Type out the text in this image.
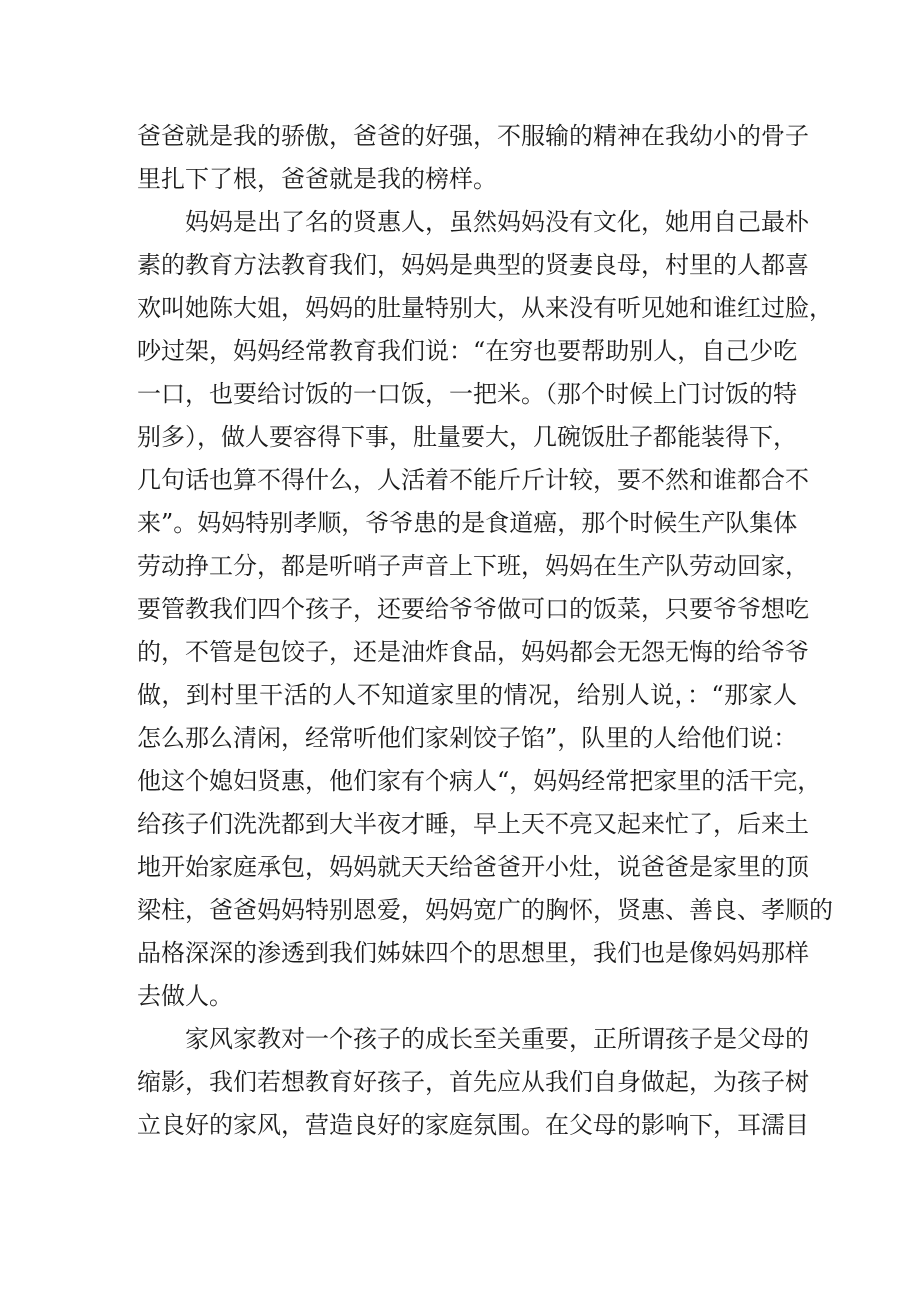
爸爸就是我的骄傲，爸爸的好强，不服输的精神在我幼小的骨子
里扎下了根，爸爸就是我的榜样。
妈妈是出了名的贤惠人，虽然妈妈没有文化，她用自己最朴
素的教育方法教育我们，妈妈是典型的贤妻良母，村里的人都喜
欢叫她陈大姐，妈妈的肚量特别大，从来没有听见她和谁红过脸，
吵过架，妈妈经常教育我们说：“在穷也要帮助别人，自己少吃
一口，也要给讨饭的一口饭，一把米。（那个时候上门讨饭的特
别多），做人要容得下事，肚量要大，几碗饭肚子都能装得下，
几句话也算不得什么，人活着不能斤斤计较，要不然和谁都合不
来”。妈妈特别孝顺，爷爷患的是食道癌，那个时候生产队集体
劳动挣工分，都是听哨子声音上下班，妈妈在生产队劳动回家，
要管教我们四个孩子，还要给爷爷做可口的饭菜，只要爷爷想吃
的，不管是包饺子，还是油炸食品，妈妈都会无怨无悔的给爷爷
做，到村里干活的人不知道家里的情况，给别人说，：“那家人
怎么那么清闲，经常听他们家剁饺子馅”，队里的人给他们说：
他这个媳妇贤惠，他们家有个病人“，妈妈经常把家里的活干完，
给孩子们洗洗都到大半夜才睡，早上天不亮又起来忙了，后来土
地开始家庭承包，妈妈就天天给爸爸开小灶，说爸爸是家里的顶
梁柱，爸爸妈妈特别恩爱，妈妈宽广的胸怀，贤惠、善良、孝顺的
品格深深的渗透到我们姊妹四个的思想里，我们也是像妈妈那样
去做人。
家风家教对一个孩子的成长至关重要，正所谓孩子是父母的
缩影，我们若想教育好孩子，首先应从我们自身做起，为孩子树
立良好的家风，营造良好的家庭氛围。在父母的影响下，耳濡目
